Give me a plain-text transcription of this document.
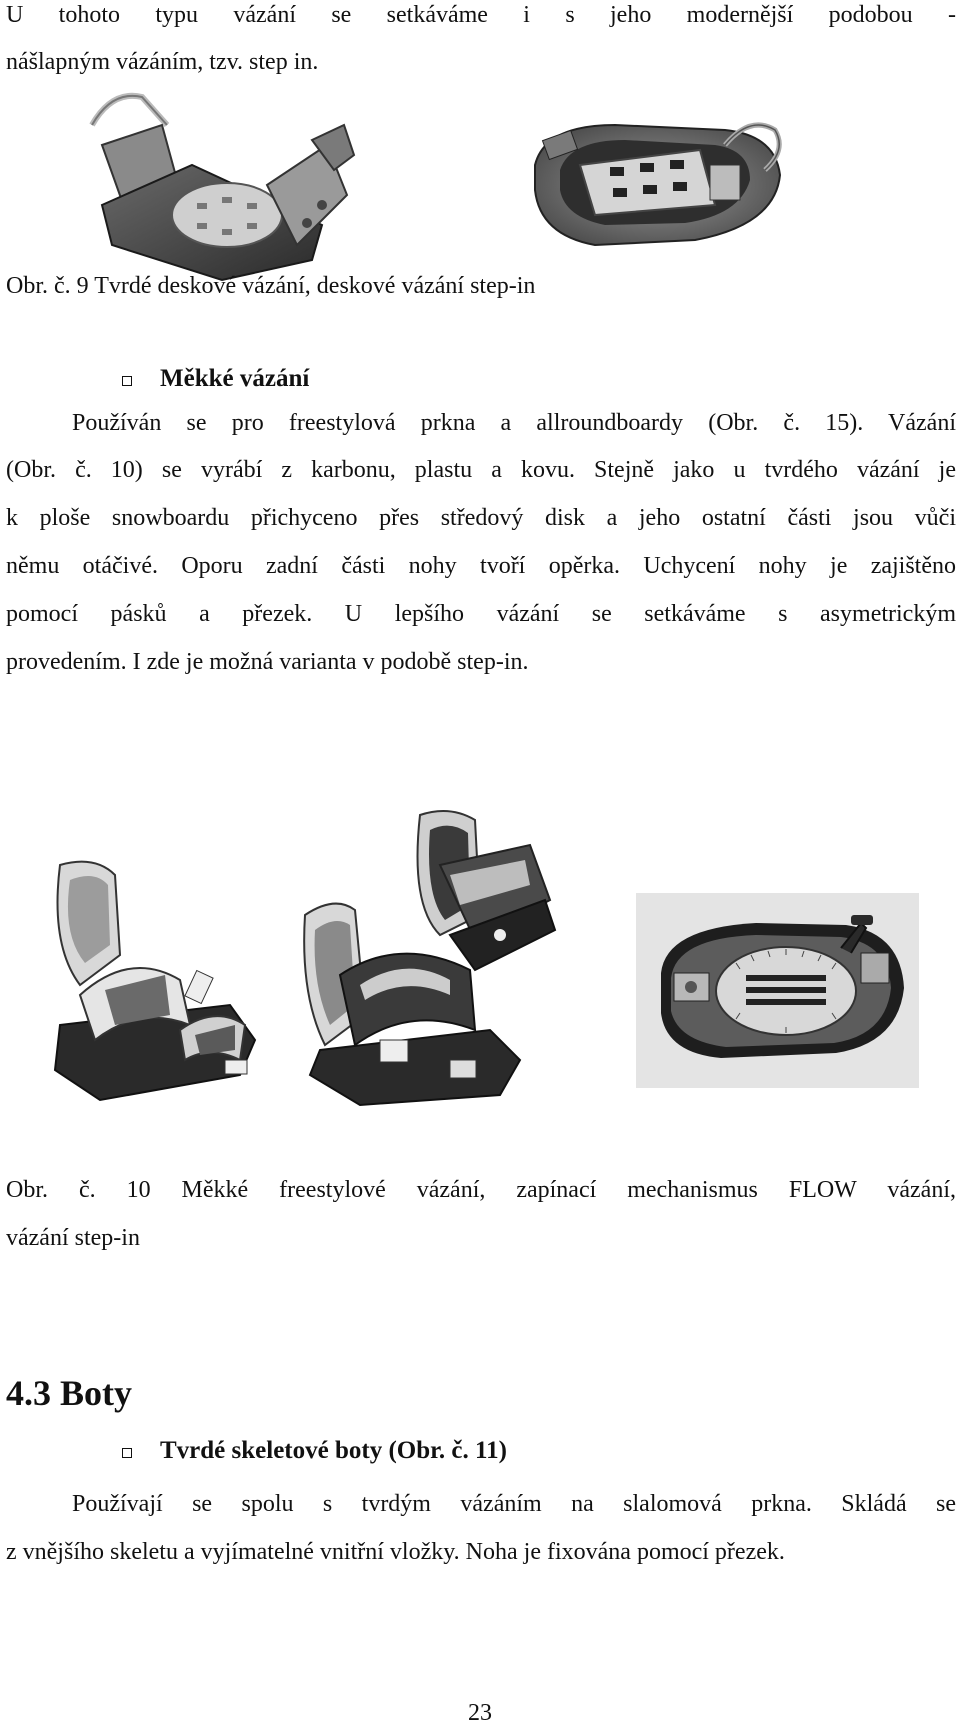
U tohoto typu vázání se setkáváme i s jeho modernější podobou -
nášlapným vázáním, tzv. step in.
Obr. č. 9 Tvrdé deskové vázání, deskové vázání step-in
Měkké vázání
Používán se pro freestylová prkna a allroundboardy (Obr. č. 15). Vázání
(Obr. č. 10) se vyrábí z karbonu, plastu a kovu. Stejně jako u tvrdého vázání je
k ploše snowboardu přichyceno přes středový disk a jeho ostatní části jsou vůči
němu otáčivé. Oporu zadní části nohy tvoří opěrka. Uchycení nohy je zajištěno
pomocí pásků a přezek. U lepšího vázání se setkáváme s asymetrickým
provedením. I zde je možná varianta v podobě step-in.
Obr. č. 10 Měkké freestylové vázání, zapínací mechanismus FLOW vázání,
vázání step-in
4.3 Boty
Tvrdé skeletové boty (Obr. č. 11)
Používají se spolu s tvrdým vázáním na slalomová prkna. Skládá se
z vnějšího skeletu a vyjímatelné vnitřní vložky. Noha je fixována pomocí přezek.
23
